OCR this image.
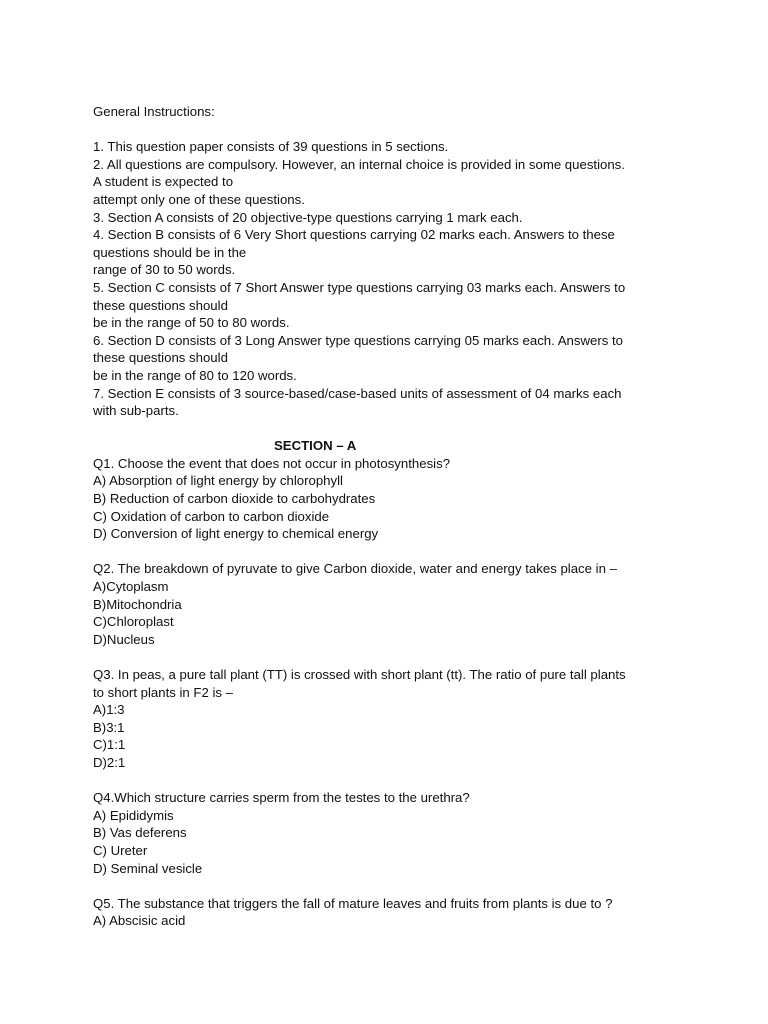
General Instructions:
1. This question paper consists of 39 questions in 5 sections.
2. All questions are compulsory. However, an internal choice is provided in some questions.
A student is expected to
attempt only one of these questions.
3. Section A consists of 20 objective-type questions carrying 1 mark each.
4. Section B consists of 6 Very Short questions carrying 02 marks each. Answers to these
questions should be in the
range of 30 to 50 words.
5. Section C consists of 7 Short Answer type questions carrying 03 marks each. Answers to
these questions should
be in the range of 50 to 80 words.
6. Section D consists of 3 Long Answer type questions carrying 05 marks each. Answers to
these questions should
be in the range of 80 to 120 words.
7. Section E consists of 3 source-based/case-based units of assessment of 04 marks each
with sub-parts.
SECTION – A
Q1. Choose the event that does not occur in photosynthesis?
A) Absorption of light energy by chlorophyll
B) Reduction of carbon dioxide to carbohydrates
C) Oxidation of carbon to carbon dioxide
D) Conversion of light energy to chemical energy
Q2. The breakdown of pyruvate to give Carbon dioxide, water and energy takes place in –
A)Cytoplasm
B)Mitochondria
C)Chloroplast
D)Nucleus
Q3. In peas, a pure tall plant (TT) is crossed with short plant (tt). The ratio of pure tall plants
to short plants in F2 is –
A)1:3
B)3:1
C)1:1
D)2:1
Q4.Which structure carries sperm from the testes to the urethra?
A) Epididymis
B) Vas deferens
C) Ureter
D) Seminal vesicle
Q5. The substance that triggers the fall of mature leaves and fruits from plants is due to ?
A) Abscisic acid
